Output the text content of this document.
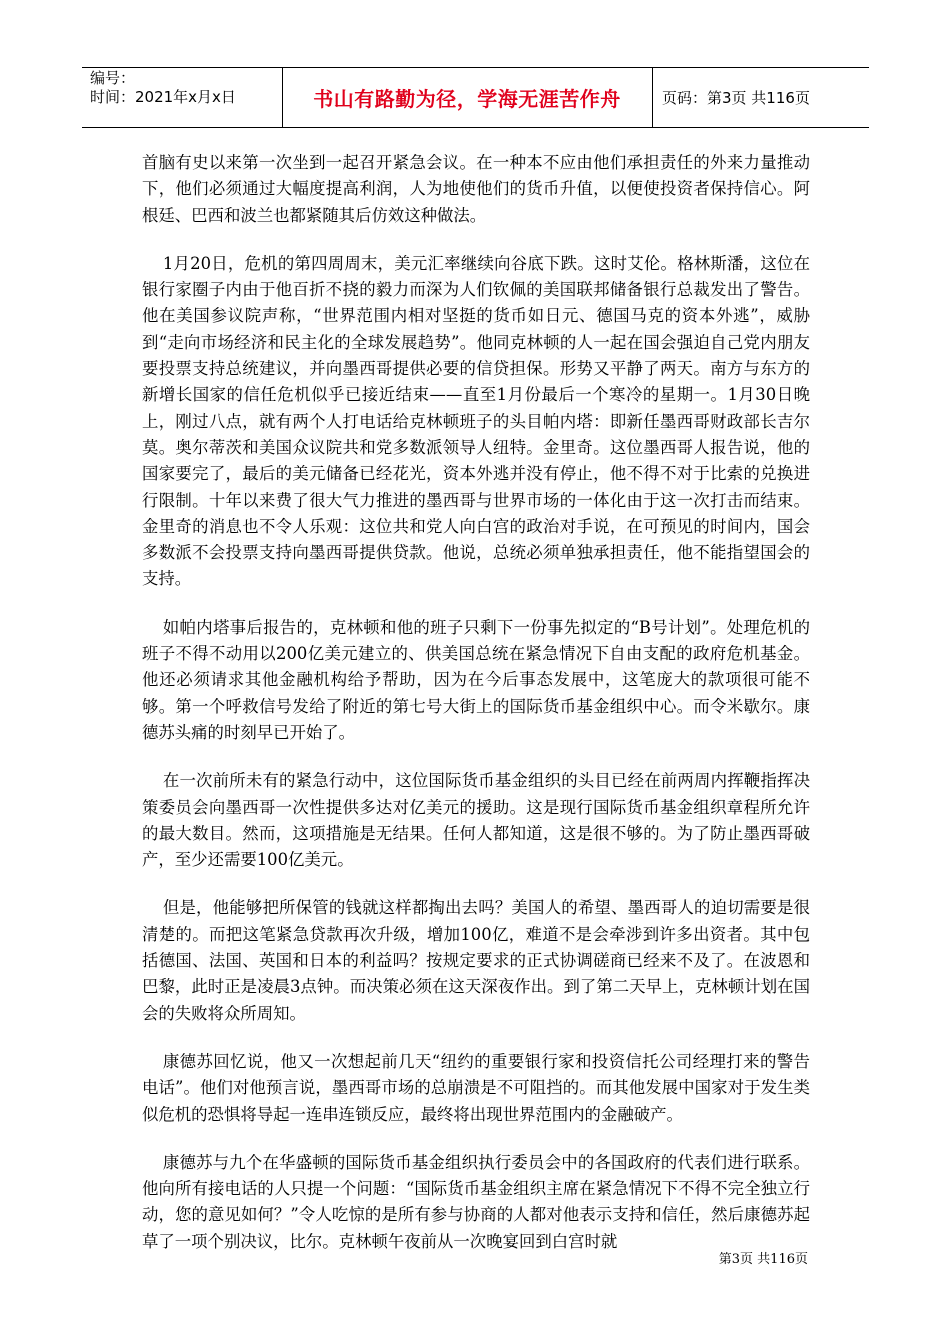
编号：
时间：2021年x月x日	书山有路勤为径，学海无涯苦作舟	页码：第3页 共116页

首脑有史以来第一次坐到一起召开紧急会议。在一种本不应由他们承担责任的外来力量推动下，他们必须通过大幅度提高利润，人为地使他们的货币升值，以便使投资者保持信心。阿根廷、巴西和波兰也都紧随其后仿效这种做法。

1月20日，危机的第四周周末，美元汇率继续向谷底下跌。这时艾伦。格林斯潘，这位在银行家圈子内由于他百折不挠的毅力而深为人们钦佩的美国联邦储备银行总裁发出了警告。他在美国参议院声称，“世界范围内相对坚挺的货币如日元、德国马克的资本外逃”，威胁到“走向市场经济和民主化的全球发展趋势”。他同克林顿的人一起在国会强迫自己党内朋友要投票支持总统建议，并向墨西哥提供必要的信贷担保。形势又平静了两天。南方与东方的新增长国家的信任危机似乎已接近结束——直至1月份最后一个寒冷的星期一。1月30日晚上，刚过八点，就有两个人打电话给克林顿班子的头目帕内塔：即新任墨西哥财政部长吉尔莫。奥尔蒂茨和美国众议院共和党多数派领导人纽特。金里奇。这位墨西哥人报告说，他的国家要完了，最后的美元储备已经花光，资本外逃并没有停止，他不得不对于比索的兑换进行限制。十年以来费了很大气力推进的墨西哥与世界市场的一体化由于这一次打击而结束。金里奇的消息也不令人乐观：这位共和党人向白宫的政治对手说，在可预见的时间内，国会多数派不会投票支持向墨西哥提供贷款。他说，总统必须单独承担责任，他不能指望国会的支持。

如帕内塔事后报告的，克林顿和他的班子只剩下一份事先拟定的“B号计划”。处理危机的班子不得不动用以200亿美元建立的、供美国总统在紧急情况下自由支配的政府危机基金。他还必须请求其他金融机构给予帮助，因为在今后事态发展中，这笔庞大的款项很可能不够。第一个呼救信号发给了附近的第七号大街上的国际货币基金组织中心。而令米歇尔。康德苏头痛的时刻早已开始了。

在一次前所未有的紧急行动中，这位国际货币基金组织的头目已经在前两周内挥鞭指挥决策委员会向墨西哥一次性提供多达对亿美元的援助。这是现行国际货币基金组织章程所允许的最大数目。然而，这项措施是无结果。任何人都知道，这是很不够的。为了防止墨西哥破产，至少还需要100亿美元。

但是，他能够把所保管的钱就这样都掏出去吗？美国人的希望、墨西哥人的迫切需要是很清楚的。而把这笔紧急贷款再次升级，增加100亿，难道不是会牵涉到许多出资者。其中包括德国、法国、英国和日本的利益吗？按规定要求的正式协调磋商已经来不及了。在波恩和巴黎，此时正是凌晨3点钟。而决策必须在这天深夜作出。到了第二天早上，克林顿计划在国会的失败将众所周知。

康德苏回忆说，他又一次想起前几天“纽约的重要银行家和投资信托公司经理打来的警告电话”。他们对他预言说，墨西哥市场的总崩溃是不可阻挡的。而其他发展中国家对于发生类似危机的恐惧将导起一连串连锁反应，最终将出现世界范围内的金融破产。

康德苏与九个在华盛顿的国际货币基金组织执行委员会中的各国政府的代表们进行联系。他向所有接电话的人只提一个问题：“国际货币基金组织主席在紧急情况下不得不完全独立行动，您的意见如何？”令人吃惊的是所有参与协商的人都对他表示支持和信任，然后康德苏起草了一项个别决议，比尔。克林顿午夜前从一次晚宴回到白宫时就

第3页 共116页
